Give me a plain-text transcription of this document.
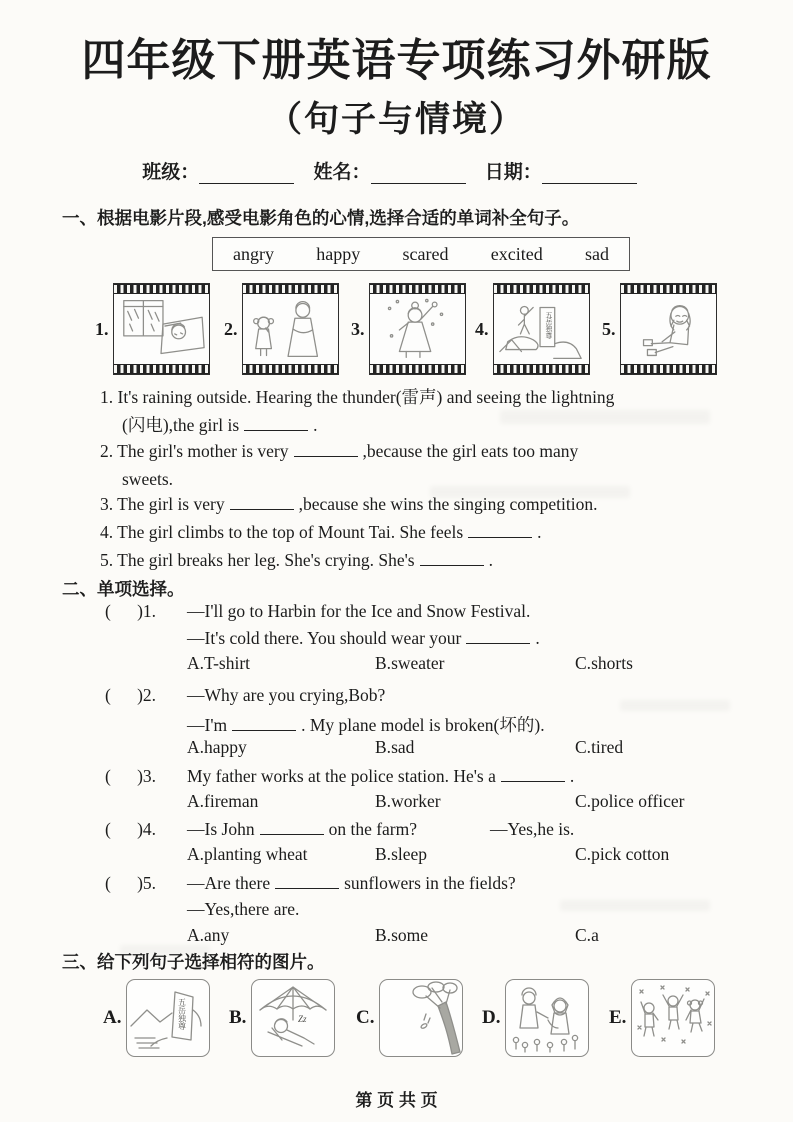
四年级下册英语专项练习外研版
（句子与情境）
班级：	姓名：	日期：
一、根据电影片段,感受电影角色的心情,选择合适的单词补全句子。
angry happy scared excited sad
1.	2.	3.	4.	五岳独尊	5.
1. It's raining outside. Hearing the thunder(雷声) and seeing the lightning
(闪电),the girl is	.
2. The girl's mother is very	,because the girl eats too many
sweets.
3. The girl is very	,because she wins the singing competition.
4. The girl climbs to the top of Mount Tai. She feels	.
5. The girl breaks her leg. She's crying. She's	.
二、单项选择。
(      )1. —I'll go to Harbin for the Ice and Snow Festival.
—It's cold there. You should wear your	.
A.T-shirt	B.sweater	C.shorts
(      )2. —Why are you crying,Bob?
—I'm	. My plane model is broken(坏的).
A.happy	B.sad	C.tired
(      )3. My father works at the police station. He's a	.
A.fireman	B.worker	C.police officer
(      )4. —Is John	on the farm?	—Yes,he is.
A.planting wheat	B.sleep	C.pick cotton
(      )5. —Are there	sunflowers in the fields?
—Yes,there are.
A.any	B.some	C.a
三、给下列句子选择相符的图片。
A.	五岳独尊 B.	Zz	C.	D.	E.
第 页 共 页
